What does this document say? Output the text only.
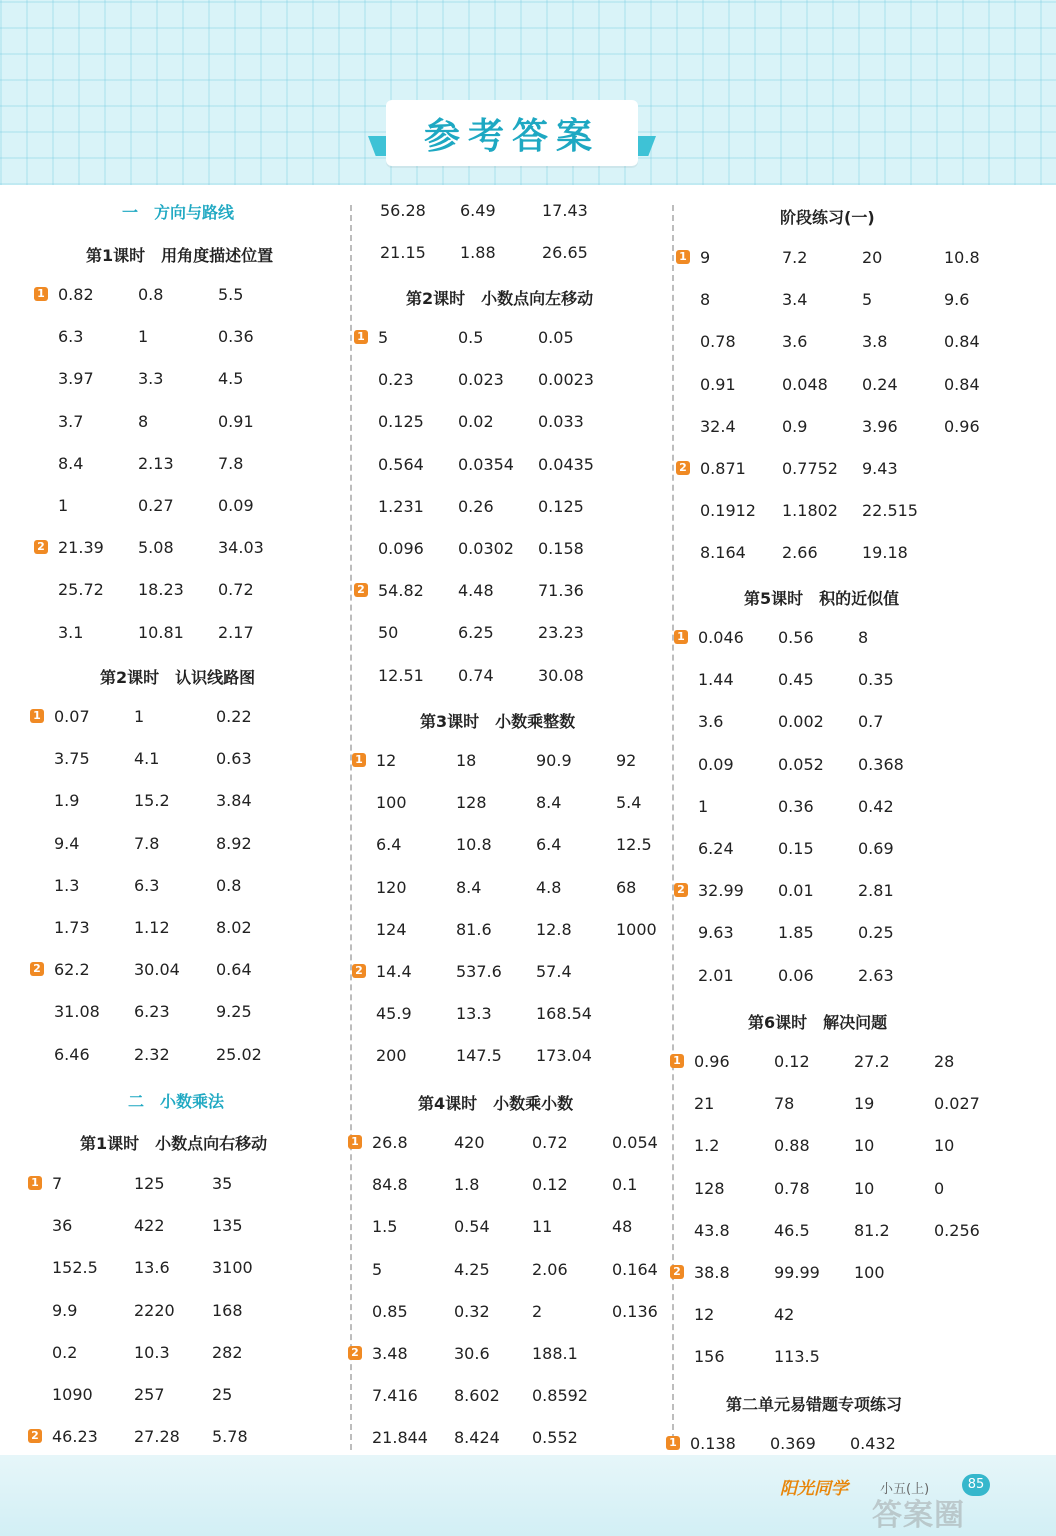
参考答案
一　方向与路线
第1课时　用角度描述位置
0.82	0.8	5.5
1
6.3	1	0.36
3.97	3.3	4.5
3.7	8	0.91
8.4	2.13	7.8
1	0.27	0.09
21.39 5.08	34.03
2
25.72 18.23 0.72
3.1	10.81 2.17
第2课时　认识线路图
0.07	1	0.22
1
3.75	4.1	0.63
1.9	15.2	3.84
9.4	7.8	8.92
1.3	6.3	0.8
1.73	1.12	8.02
62.2	30.04 0.64
2
31.08 6.23	9.25
6.46	2.32	25.02
二　小数乘法
第1课时　小数点向右移动
7	125	35
1
36	422	135
152.5 13.6	3100
9.9	2220 168
0.2	10.3	282
1090	257	25
46.23 27.28 5.78
2
56.28 6.49	17.43
21.15 1.88	26.65
第2课时　小数点向左移动
5	0.5	0.05
1
0.23	0.023 0.0023
0.125 0.02	0.033
0.564 0.0354 0.0435
1.231 0.26	0.125
0.096 0.0302 0.158
54.82 4.48	71.36
2
50	6.25	23.23
12.51 0.74	30.08
第3课时　小数乘整数
12	18	90.9	92
1
100	128	8.4	5.4
6.4	10.8	6.4	12.5
120	8.4	4.8	68
124	81.6	12.8	1000
14.4	537.6 57.4
2
45.9	13.3	168.54
200	147.5 173.04
第4课时　小数乘小数
26.8	420	0.72	0.054
1
84.8	1.8	0.12	0.1
1.5	0.54	11	48
5	4.25	2.06	0.164
0.85	0.32	2	0.136
3.48	30.6	188.1
2
7.416 8.602 0.8592
21.844 8.424 0.552
阶段练习(一)
9	7.2	20	10.8
1
8	3.4	5	9.6
0.78	3.6	3.8	0.84
0.91	0.048 0.24	0.84
32.4	0.9	3.96	0.96
0.871 0.7752 9.43
2
0.1912 1.1802 22.515
8.164 2.66	19.18
第5课时　积的近似值
0.046 0.56	8
1
1.44	0.45	0.35
3.6	0.002 0.7
0.09	0.052 0.368
1	0.36	0.42
6.24	0.15	0.69
32.99 0.01	2.81
2
9.63	1.85	0.25
2.01	0.06	2.63
第6课时　解决问题
0.96	0.12	27.2	28
1
21	78	19	0.027
1.2	0.88	10	10
128	0.78	10	0
43.8	46.5	81.2	0.256
38.8	99.99 100
2
12	42
156	113.5
第二单元易错题专项练习
0.138 0.369 0.432
1
阳光同学 小五(上)	85
答案圈
